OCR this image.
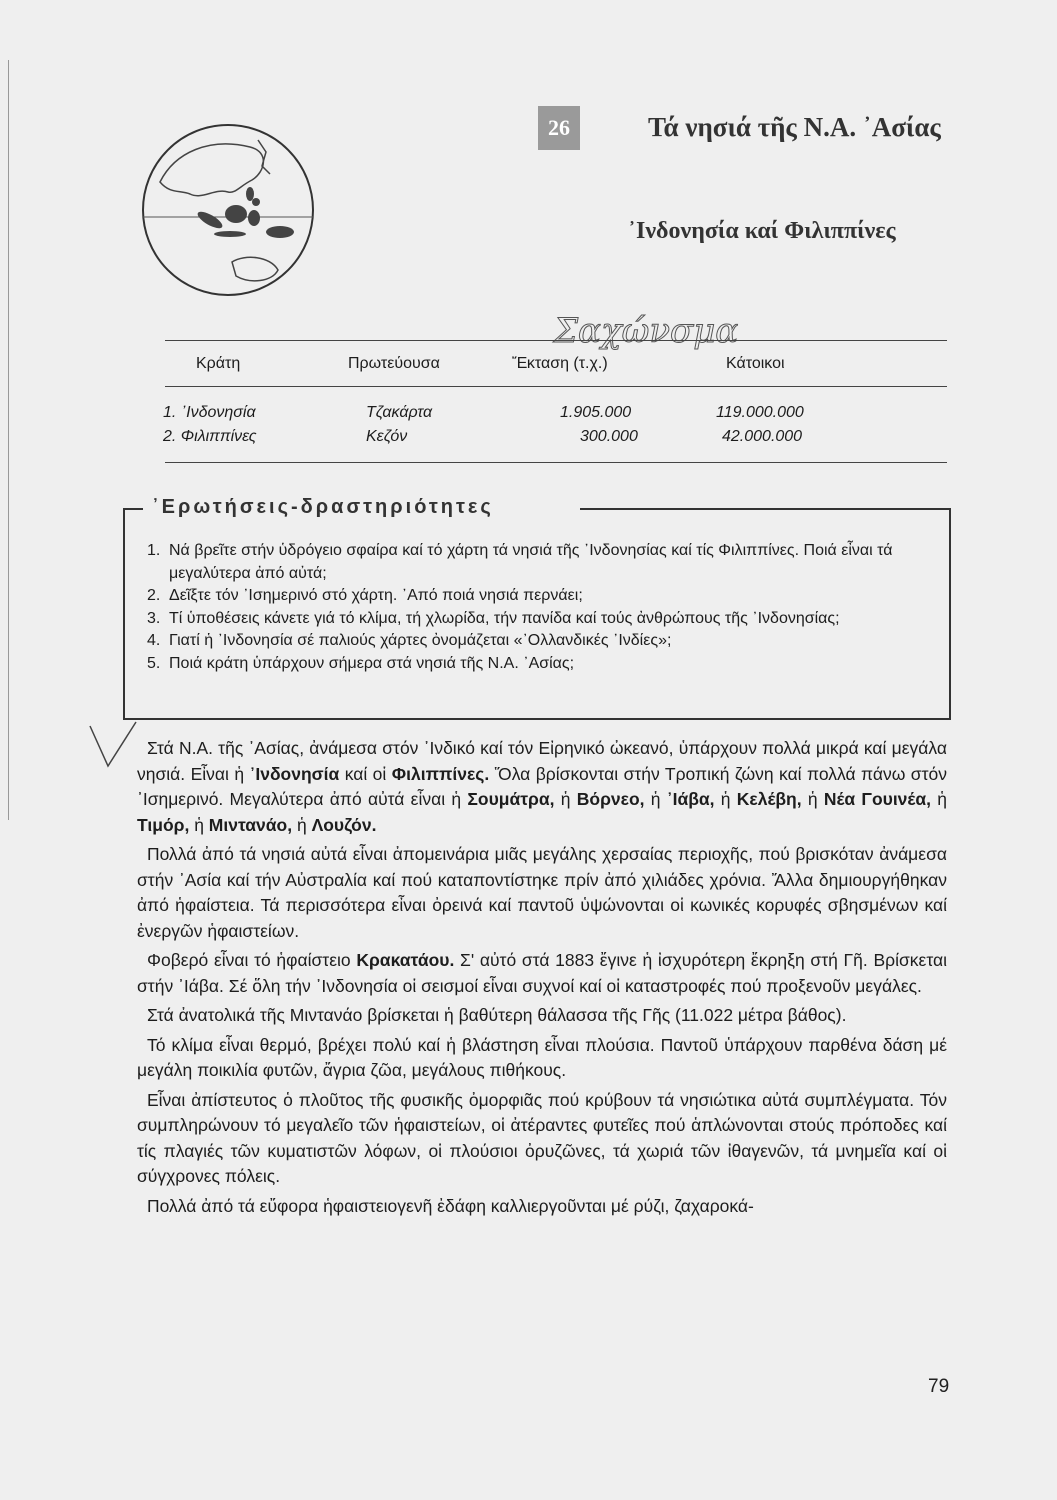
26	Τά νησιά τῆς Ν.Α. ᾿Ασίας
᾿Ινδονησία καί Φιλιππίνες
Σαχώνσμα
Κράτη	Πρωτεύουσα	Ἔκταση (τ.χ.)	Κάτοικοι
1. ᾿Ινδονησία	Τζακάρτα	1.905.000	119.000.000
2. Φιλιππίνες	Κεζόν	300.000	42.000.000
᾿Ερωτήσεις-δραστηριότητες
1. Νά βρεῖτε στήν ὑδρόγειο σφαίρα καί τό χάρτη τά νησιά τῆς ᾿Ινδονησίας καί τίς Φιλιππίνες. Ποιά εἶναι τά μεγαλύτερα ἀπό αὐτά;
2. Δεῖξτε τόν ᾿Ισημερινό στό χάρτη. ᾿Από ποιά νησιά περνάει;
3. Τί ὑποθέσεις κάνετε γιά τό κλίμα, τή χλωρίδα, τήν πανίδα καί τούς ἀνθρώπους τῆς ᾿Ινδονησίας;
4. Γιατί ἡ ᾿Ινδονησία σέ παλιούς χάρτες ὀνομάζεται «᾿Ολλανδικές ᾿Ινδίες»;
5. Ποιά κράτη ὑπάρχουν σήμερα στά νησιά τῆς Ν.Α. ᾿Ασίας;

Στά Ν.Α. τῆς ᾿Ασίας, ἀνάμεσα στόν ᾿Ινδικό καί τόν Εἰρηνικό ὠκεανό, ὑπάρχουν πολλά μικρά καί μεγάλα νησιά. Εἶναι ἡ ᾿Ινδονησία καί οἱ Φιλιππίνες. Ὅλα βρίσκονται στήν Τροπική ζώνη καί πολλά πάνω στόν ᾿Ισημερινό. Μεγαλύτερα ἀπό αὐτά εἶναι ἡ Σουμάτρα, ἡ Βόρνεο, ἡ ᾿Ιάβα, ἡ Κελέβη, ἡ Νέα Γουινέα, ἡ Τιμόρ, ἡ Μιντανάο, ἡ Λουζόν.

Πολλά ἀπό τά νησιά αὐτά εἶναι ἀπομεινάρια μιᾶς μεγάλης χερσαίας περιοχῆς, πού βρισκόταν ἀνάμεσα στήν ᾿Ασία καί τήν Αὐστραλία καί πού καταποντίστηκε πρίν ἀπό χιλιάδες χρόνια. Ἄλλα δημιουργήθηκαν ἀπό ἡφαίστεια. Τά περισσότερα εἶναι ὀρεινά καί παντοῦ ὑψώνονται οἱ κωνικές κορυφές σβησμένων καί ἐνεργῶν ἡφαιστείων.

Φοβερό εἶναι τό ἡφαίστειο Κρακατάου. Σ' αὐτό στά 1883 ἔγινε ἡ ἰσχυρότερη ἔκρηξη στή Γῆ. Βρίσκεται στήν ᾿Ιάβα. Σέ ὅλη τήν ᾿Ινδονησία οἱ σεισμοί εἶναι συχνοί καί οἱ καταστροφές πού προξενοῦν μεγάλες.

Στά ἀνατολικά τῆς Μιντανάο βρίσκεται ἡ βαθύτερη θάλασσα τῆς Γῆς (11.022 μέτρα βάθος).

Τό κλίμα εἶναι θερμό, βρέχει πολύ καί ἡ βλάστηση εἶναι πλούσια. Παντοῦ ὑπάρχουν παρθένα δάση μέ μεγάλη ποικιλία φυτῶν, ἄγρια ζῶα, μεγάλους πιθήκους.

Εἶναι ἀπίστευτος ὁ πλοῦτος τῆς φυσικῆς ὀμορφιᾶς πού κρύβουν τά νησιώτικα αὐτά συμπλέγματα. Τόν συμπληρώνουν τό μεγαλεῖο τῶν ἡφαιστείων, οἱ ἀτέραντες φυτεῖες πού ἁπλώνονται στούς πρόποδες καί τίς πλαγιές τῶν κυματιστῶν λόφων, οἱ πλούσιοι ὀρυζῶνες, τά χωριά τῶν ἰθαγενῶν, τά μνημεῖα καί οἱ σύγχρονες πόλεις.

Πολλά ἀπό τά εὔφορα ἡφαιστειογενῆ ἐδάφη καλλιεργοῦνται μέ ρύζι, ζαχαροκά-

79
